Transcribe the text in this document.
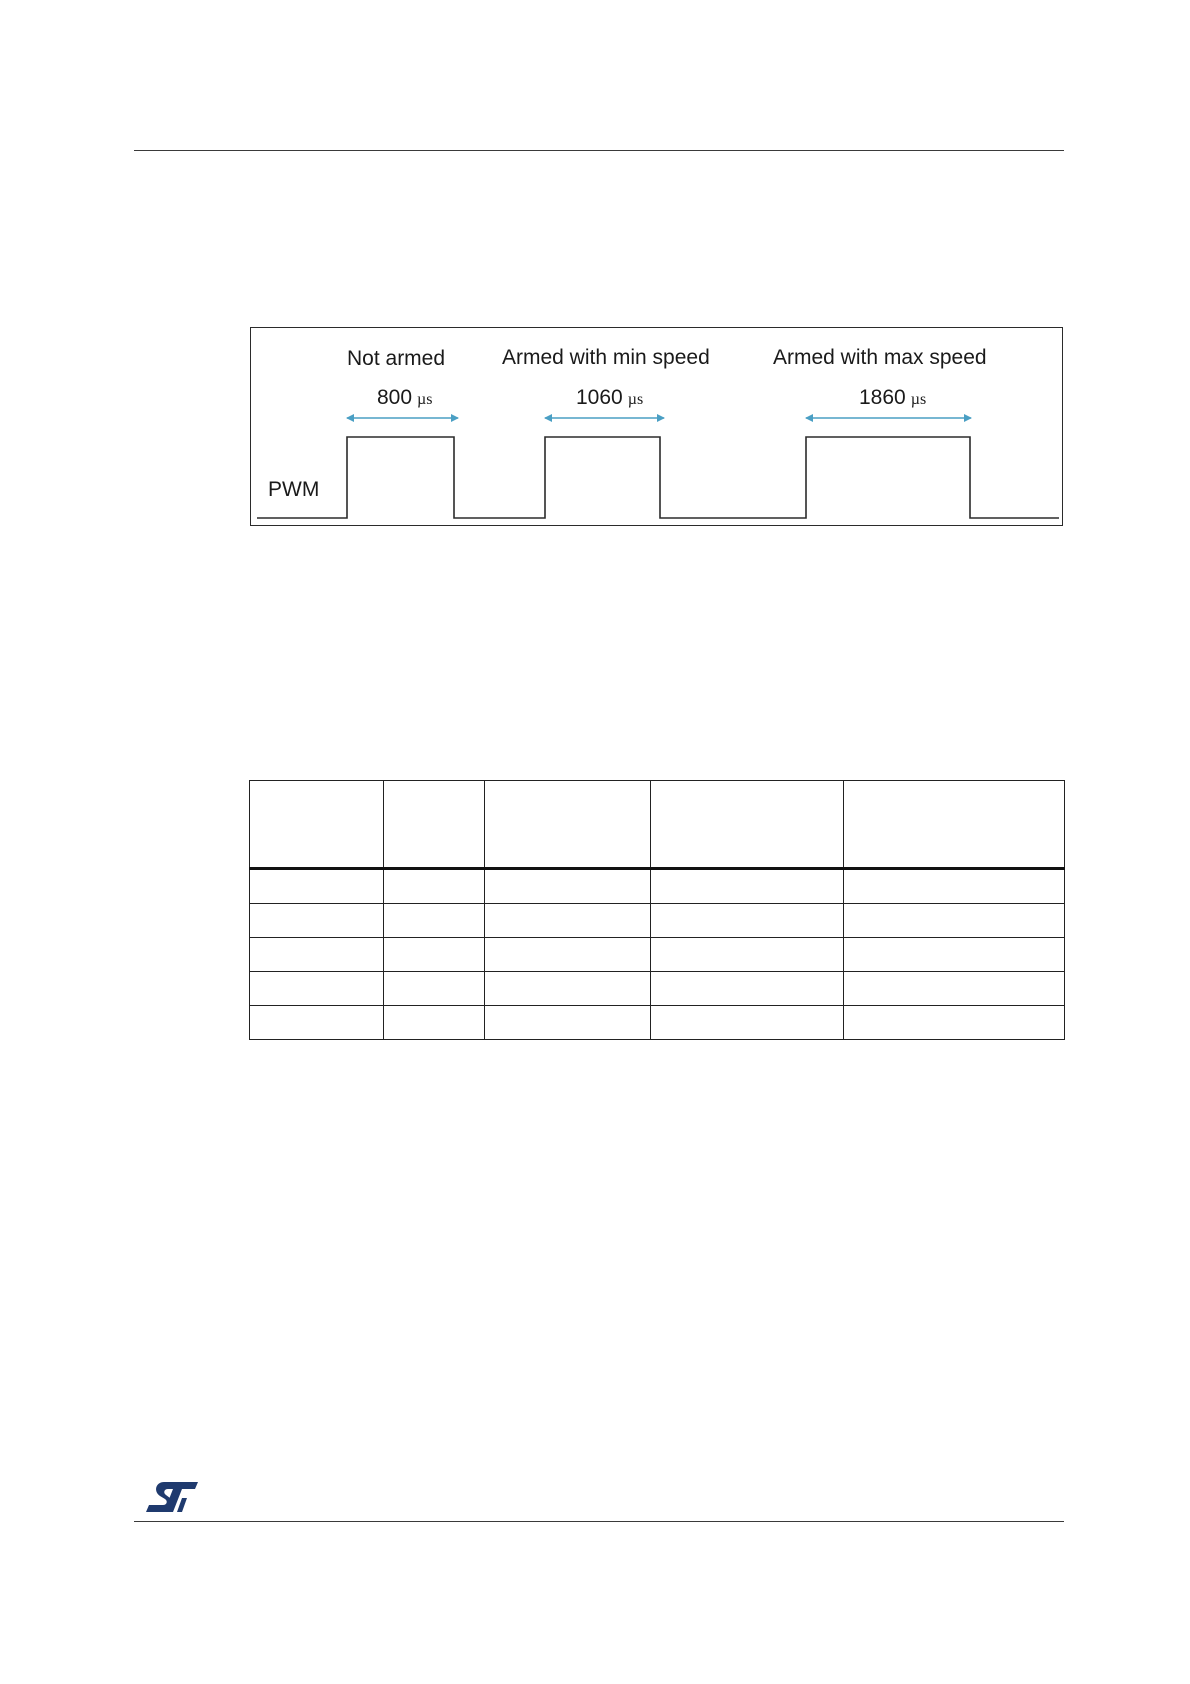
Not armed	Armed with min speed	Armed with max speed
800 µs	1060 µs	1860 µs
PWM
